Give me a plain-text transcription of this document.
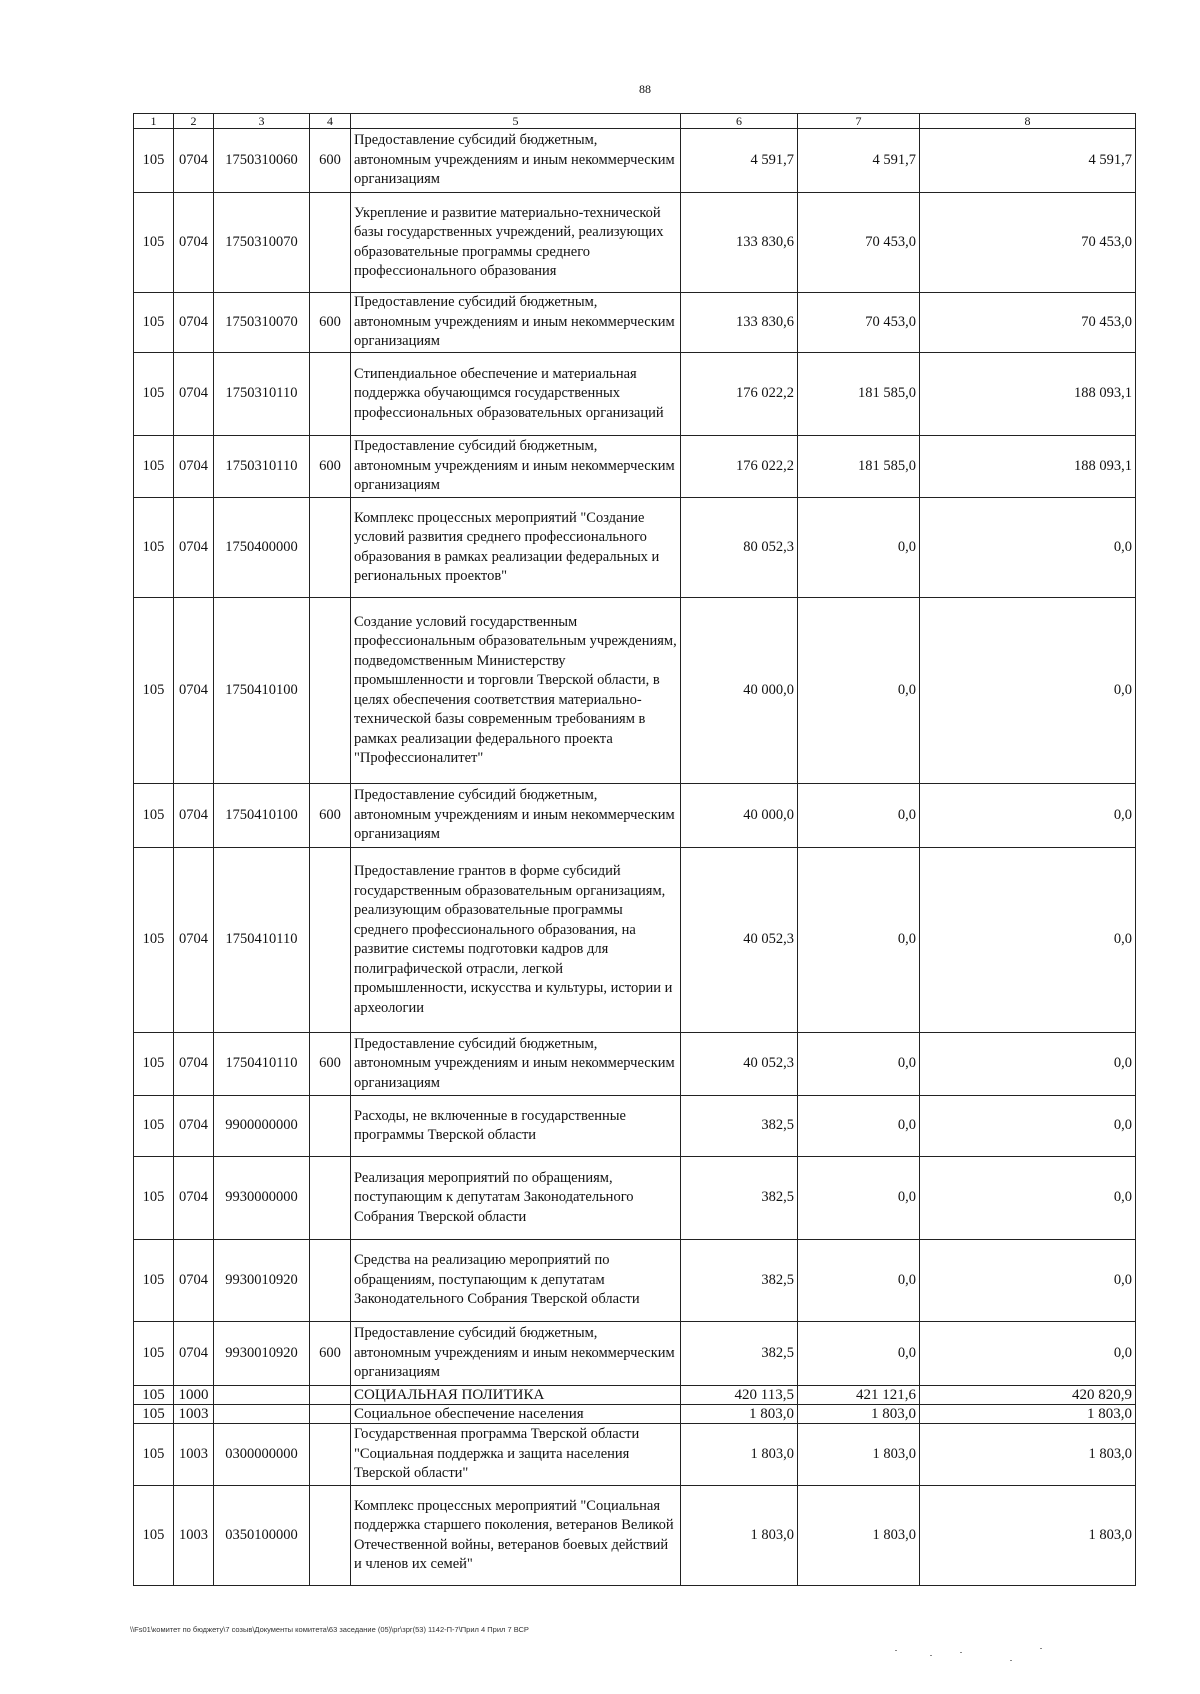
88
1	2	3	4	5	6	7	8
105	0704	1750310060	600	Предоставление субсидий бюджетным, автономным учреждениям и иным некоммерческим организациям	4 591,7	4 591,7	4 591,7
105	0704	1750310070		Укрепление и развитие материально-технической базы государственных учреждений, реализующих образовательные программы среднего профессионального образования	133 830,6	70 453,0	70 453,0
105	0704	1750310070	600	Предоставление субсидий бюджетным, автономным учреждениям и иным некоммерческим организациям	133 830,6	70 453,0	70 453,0
105	0704	1750310110		Стипендиальное обеспечение и материальная поддержка обучающимся государственных профессиональных образовательных организаций	176 022,2	181 585,0	188 093,1
105	0704	1750310110	600	Предоставление субсидий бюджетным, автономным учреждениям и иным некоммерческим организациям	176 022,2	181 585,0	188 093,1
105	0704	1750400000		Комплекс процессных мероприятий "Создание условий развития среднего профессионального образования в рамках реализации федеральных и региональных проектов"	80 052,3	0,0	0,0
105	0704	1750410100		Создание условий государственным профессиональным образовательным учреждениям, подведомственным Министерству промышленности и торговли Тверской области, в целях обеспечения соответствия материально-технической базы современным требованиям в рамках реализации федерального проекта "Профессионалитет"	40 000,0	0,0	0,0
105	0704	1750410100	600	Предоставление субсидий бюджетным, автономным учреждениям и иным некоммерческим организациям	40 000,0	0,0	0,0
105	0704	1750410110		Предоставление грантов в форме субсидий государственным образовательным организациям, реализующим образовательные программы среднего профессионального образования, на развитие системы подготовки кадров для полиграфической отрасли, легкой промышленности, искусства и культуры, истории и археологии	40 052,3	0,0	0,0
105	0704	1750410110	600	Предоставление субсидий бюджетным, автономным учреждениям и иным некоммерческим организациям	40 052,3	0,0	0,0
105	0704	9900000000		Расходы, не включенные в государственные программы Тверской области	382,5	0,0	0,0
105	0704	9930000000		Реализация мероприятий по обращениям, поступающим к депутатам Законодательного Собрания Тверской области	382,5	0,0	0,0
105	0704	9930010920		Средства на реализацию мероприятий по обращениям, поступающим к депутатам Законодательного Собрания Тверской области	382,5	0,0	0,0
105	0704	9930010920	600	Предоставление субсидий бюджетным, автономным учреждениям и иным некоммерческим организациям	382,5	0,0	0,0
105	1000			СОЦИАЛЬНАЯ ПОЛИТИКА	420 113,5	421 121,6	420 820,9
105	1003			Социальное обеспечение населения	1 803,0	1 803,0	1 803,0
105	1003	0300000000		Государственная программа Тверской области "Социальная поддержка и защита населения Тверской области"	1 803,0	1 803,0	1 803,0
105	1003	0350100000		Комплекс процессных мероприятий "Социальная поддержка старшего поколения, ветеранов Великой Отечественной войны, ветеранов боевых действий и членов их семей"	1 803,0	1 803,0	1 803,0
\\Fs01\комитет по бюджету\7 созыв\Документы комитета\63 заседание (05)\рг\зрг(53) 1142-П-7\Прил 4 Прил 7 ВСР
